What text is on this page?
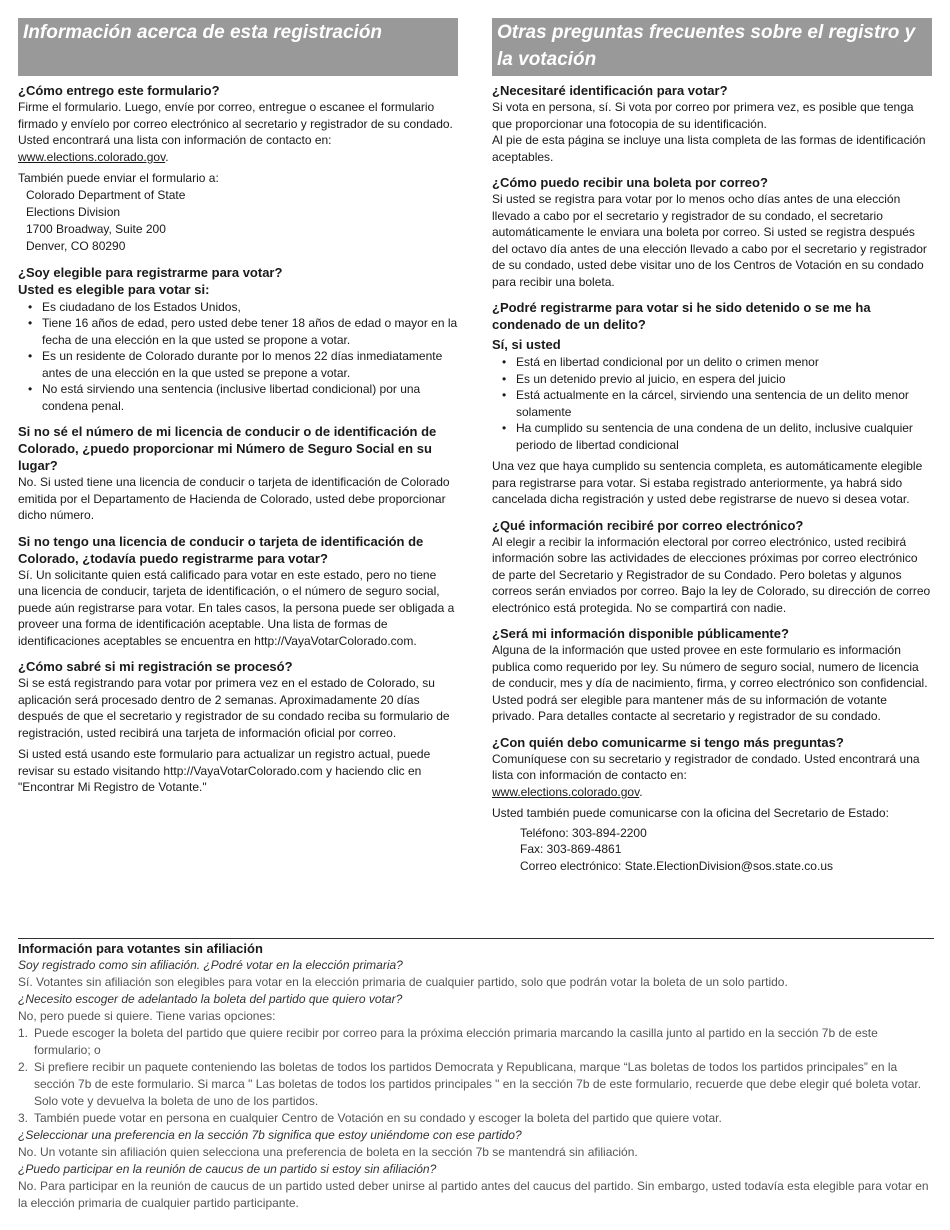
Información acerca de esta registración
¿Cómo entrego este formulario?

Firme el formulario. Luego, envíe por correo, entregue o escanee el formulario firmado y envíelo por correo electrónico al secretario y registrador de su condado. Usted encontrará una lista con información de contacto en: www.elections.colorado.gov.

También puede enviar el formulario a:

Colorado Department of State
Elections Division
1700 Broadway, Suite 200
Denver, CO 80290
¿Soy elegible para registrarme para votar?
Usted es elegible para votar si:
• Es ciudadano de los Estados Unidos,
• Tiene 16 años de edad, pero usted debe tener 18 años de edad o mayor en la fecha de una elección en la que usted se propone a votar.
• Es un residente de Colorado durante por lo menos 22 días inmediatamente antes de una elección en la que usted se prepone a votar.
• No está sirviendo una sentencia (inclusive libertad condicional) por una condena penal.
Si no sé el número de mi licencia de conducir o de identificación de Colorado, ¿puedo proporcionar mi Número de Seguro Social en su lugar?

No. Si usted tiene una licencia de conducir o tarjeta de identificación de Colorado emitida por el Departamento de Hacienda de Colorado, usted debe proporcionar dicho número.

Si no tengo una licencia de conducir o tarjeta de identificación de Colorado, ¿todavía puedo registrarme para votar?

Sí. Un solicitante quien está calificado para votar en este estado, pero no tiene una licencia de conducir, tarjeta de identificación, o el número de seguro social, puede aún registrarse para votar. En tales casos, la persona puede ser obligada a proveer una forma de identificación aceptable. Una lista de formas de identificaciones aceptables se encuentra en http://VayaVotarColorado.com.

¿Cómo sabré si mi registración se procesó?

Si se está registrando para votar por primera vez en el estado de Colorado, su aplicación será procesado dentro de 2 semanas. Aproximadamente 20 días después de que el secretario y registrador de su condado reciba su formulario de registración, usted recibirá una tarjeta de información oficial por correo.

Si usted está usando este formulario para actualizar un registro actual, puede revisar su estado visitando http://VayaVotarColorado.com y haciendo clic en "Encontrar Mi Registro de Votante."

Otras preguntas frecuentes sobre el registro y la votación
¿Necesitaré identificación para votar?

Si vota en persona, sí. Si vota por correo por primera vez, es posible que tenga que proporcionar una fotocopia de su identificación.

Al pie de esta página se incluye una lista completa de las formas de identificación aceptables.

¿Cómo puedo recibir una boleta por correo?

Si usted se registra para votar por lo menos ocho días antes de una elección llevado a cabo por el secretario y registrador de su condado, el secretario automáticamente le enviara una boleta por correo. Si usted se registra después del octavo día antes de una elección llevado a cabo por el secretario y registrador de su condado, usted debe visitar uno de los Centros de Votación en su condado para recibir una boleta.

¿Podré registrarme para votar si he sido detenido o se me ha condenado de un delito?
Sí, si usted
• Está en libertad condicional por un delito o crimen menor
• Es un detenido previo al juicio, en espera del juicio
• Está actualmente en la cárcel, sirviendo una sentencia de un delito menor solamente
• Ha cumplido su sentencia de una condena de un delito, inclusive cualquier periodo de libertad condicional

Una vez que haya cumplido su sentencia completa, es automáticamente elegible para registrarse para votar. Si estaba registrado anteriormente, ya habrá sido cancelada dicha registración y usted debe registrarse de nuevo si desea votar.

¿Qué información recibiré por correo electrónico?

Al elegir a recibir la información electoral por correo electrónico, usted recibirá información sobre las actividades de elecciones próximas por correo electrónico de parte del Secretario y Registrador de su Condado. Pero boletas y algunos correos serán enviados por correo. Bajo la ley de Colorado, su dirección de correo electrónico está protegida. No se compartirá con nadie.

¿Será mi información disponible públicamente?

Alguna de la información que usted provee en este formulario es información publica como requerido por ley. Su número de seguro social, numero de licencia de conducir, mes y día de nacimiento, firma, y correo electrónico son confidencial. Usted podrá ser elegible para mantener más de su información de votante privado. Para detalles contacte al secretario y registrador de su condado.

¿Con quién debo comunicarme si tengo más preguntas?

Comuníquese con su secretario y registrador de condado. Usted encontrará una lista con información de contacto en:

www.elections.colorado.gov.

Usted también puede comunicarse con la oficina del Secretario de Estado:

Teléfono: 303-894-2200
Fax: 303-869-4861
Correo electrónico: State.ElectionDivision@sos.state.co.us
Información para votantes sin afiliación
Soy registrado como sin afiliación. ¿Podré votar en la elección primaria?
Sí. Votantes sin afiliación son elegibles para votar en la elección primaria de cualquier partido, solo que podrán votar la boleta de un solo partido.
¿Necesito escoger de adelantado la boleta del partido que quiero votar?
No, pero puede si quiere. Tiene varias opciones:
1. Puede escoger la boleta del partido que quiere recibir por correo para la próxima elección primaria marcando la casilla junto al partido en la sección 7b de este formulario; o
2. Si prefiere recibir un paquete conteniendo las boletas de todos los partidos Democrata y Republicana, marque “Las boletas de todos los partidos principales” en la sección 7b de este formulario. Si marca " Las boletas de todos los partidos principales " en la sección 7b de este formulario, recuerde que debe elegir qué boleta votar. Solo vote y devuelva la boleta de uno de los partidos.
3. También puede votar en persona en cualquier Centro de Votación en su condado y escoger la boleta del partido que quiere votar.
¿Seleccionar una preferencia en la sección 7b significa que estoy uniéndome con ese partido?
No. Un votante sin afiliación quien selecciona una preferencia de boleta en la sección 7b se mantendrá sin afiliación.
¿Puedo participar en la reunión de caucus de un partido si estoy sin afiliación?
No. Para participar en la reunión de caucus de un partido usted deber unirse al partido antes del caucus del partido. Sin embargo, usted todavía esta elegible para votar en la elección primaria de cualquier partido participante.
